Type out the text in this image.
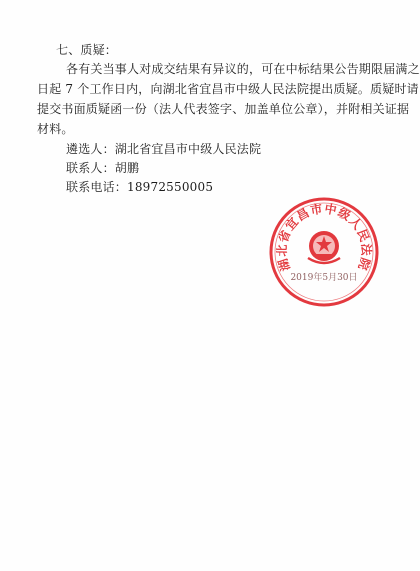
七、质疑：
各有关当事人对成交结果有异议的，可在中标结果公告期限届满之
日起 7 个工作日内，向湖北省宜昌市中级人民法院提出质疑。质疑时请
提交书面质疑函一份（法人代表签字、加盖单位公章），并附相关证据
材料。
遴选人：湖北省宜昌市中级人民法院
联系人：胡鹏
联系电话：18972550005
湖北省宜昌市中级人民法院
2019年5月30日
